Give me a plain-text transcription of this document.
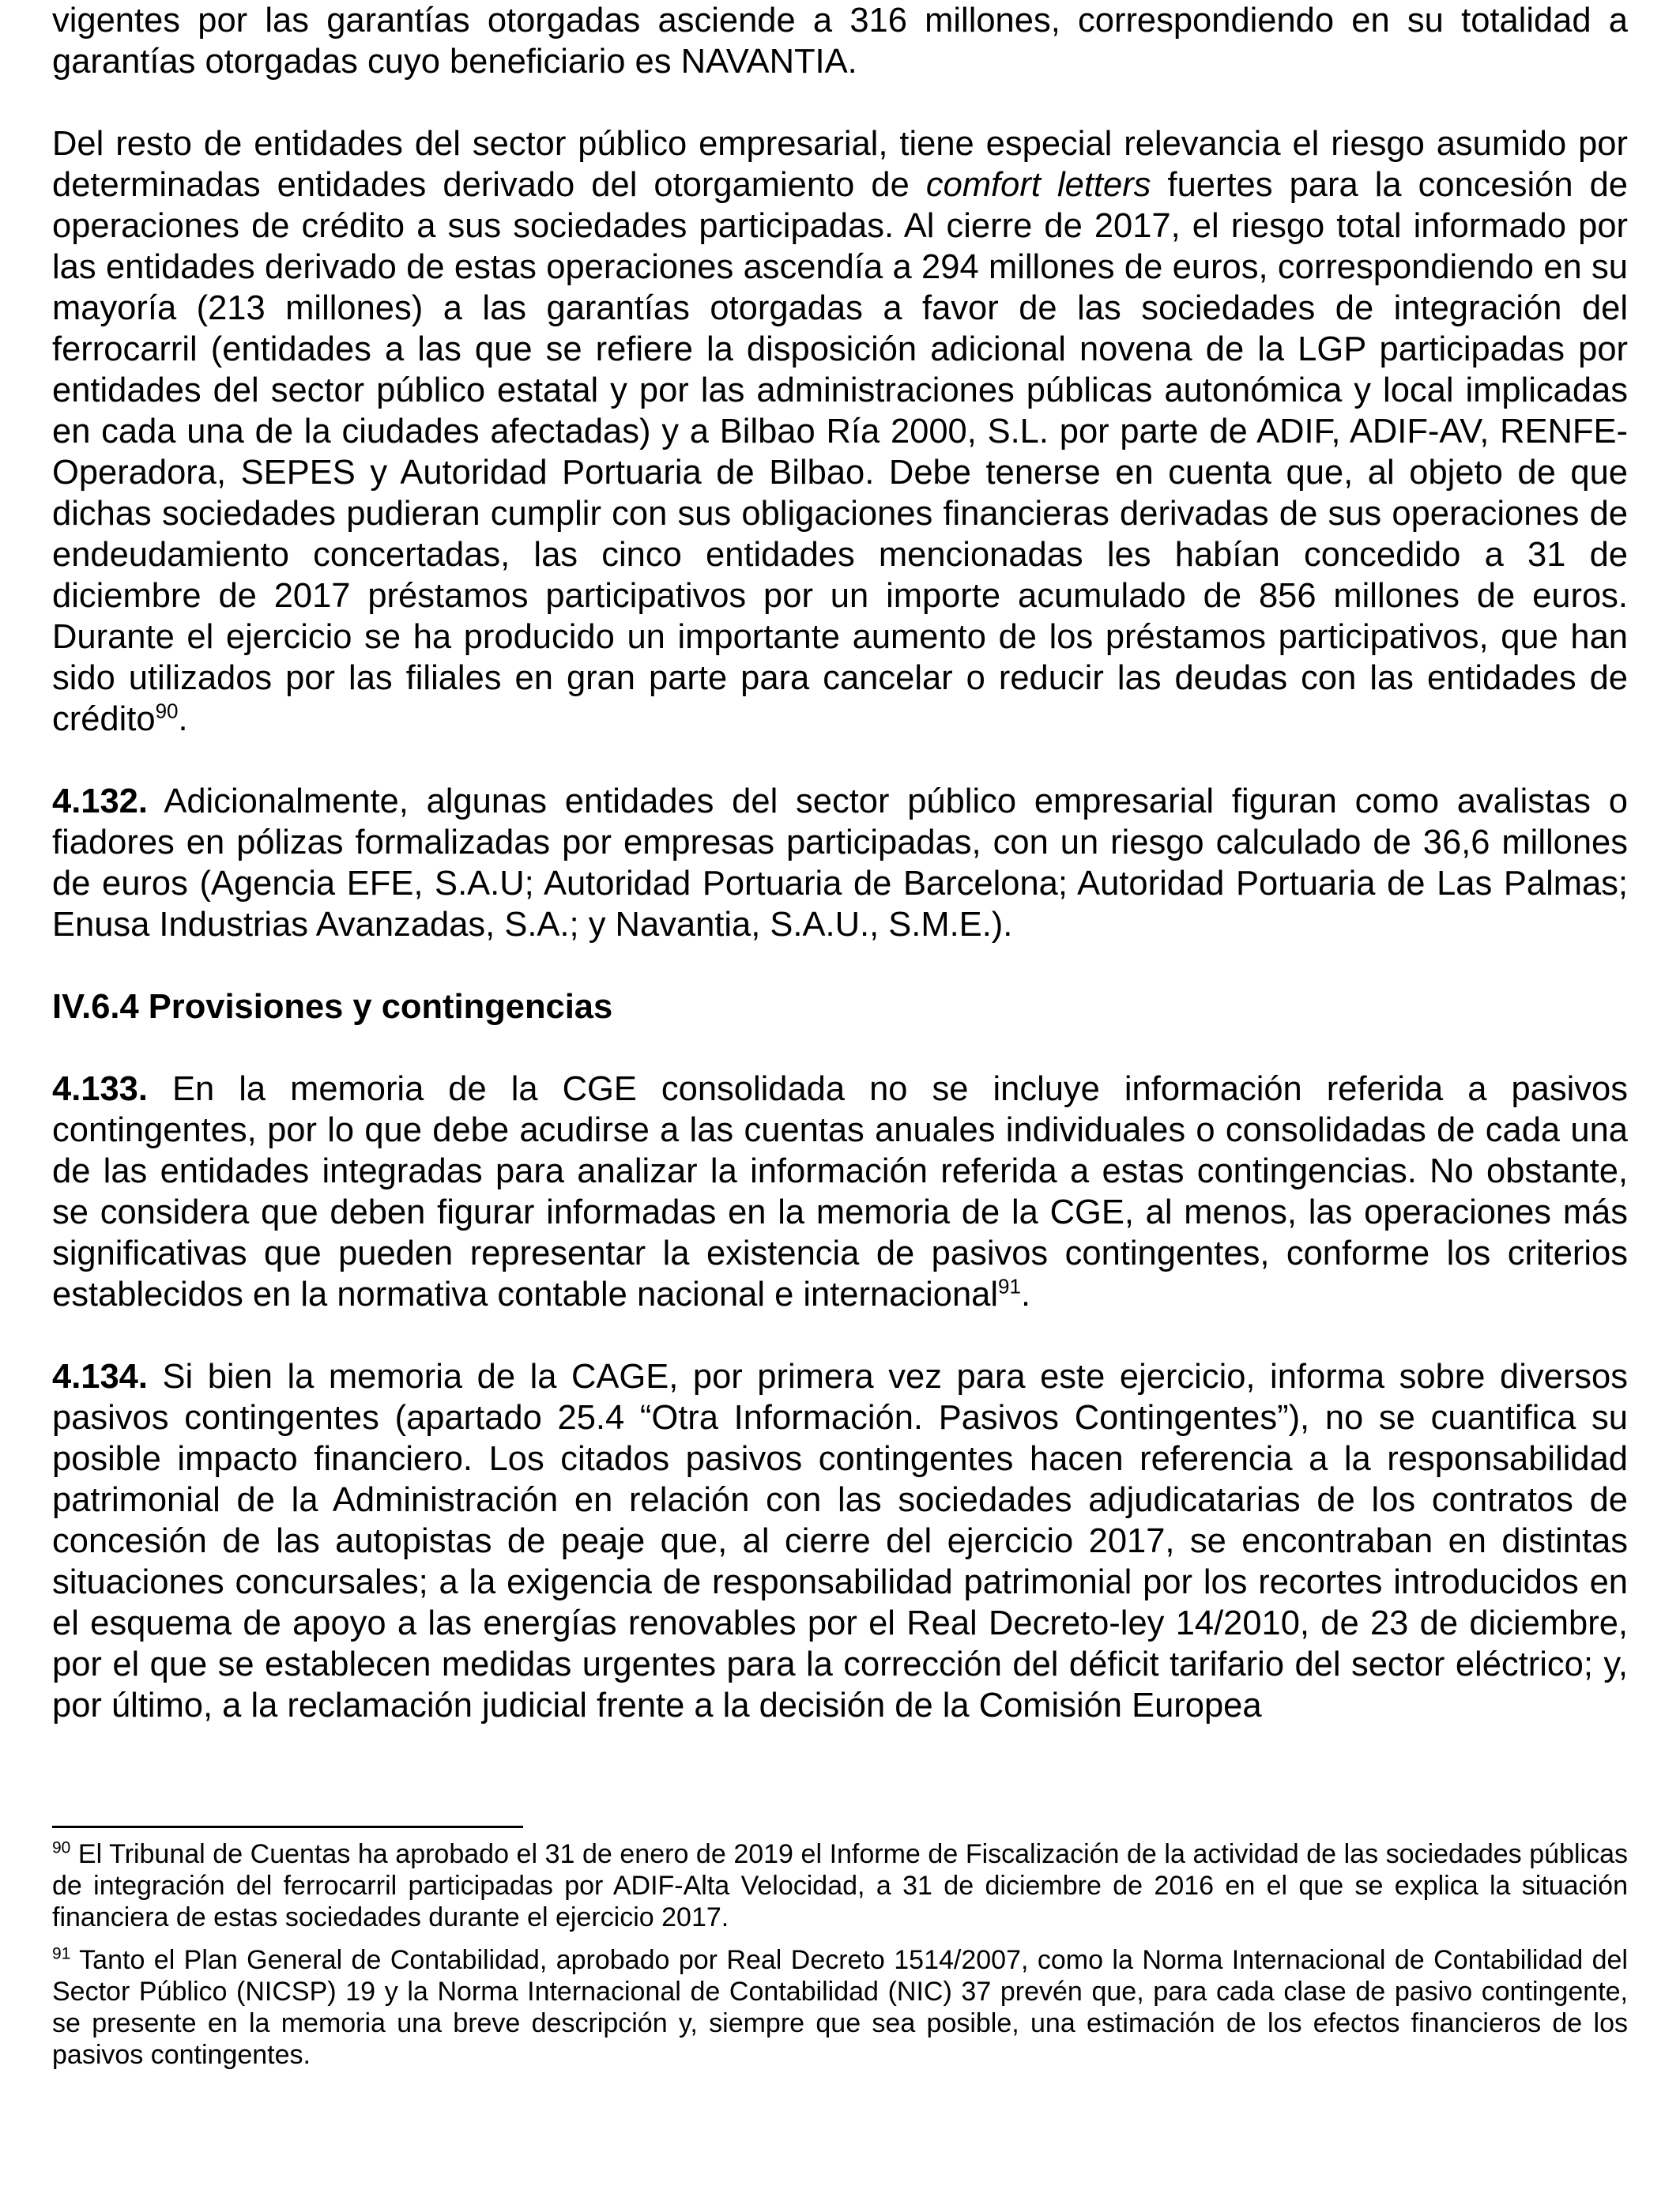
vigentes por las garantías otorgadas asciende a 316 millones, correspondiendo en su totalidad a garantías otorgadas cuyo beneficiario es NAVANTIA.

Del resto de entidades del sector público empresarial, tiene especial relevancia el riesgo asumido por determinadas entidades derivado del otorgamiento de comfort letters fuertes para la concesión de operaciones de crédito a sus sociedades participadas. Al cierre de 2017, el riesgo total informado por las entidades derivado de estas operaciones ascendía a 294 millones de euros, correspondiendo en su mayoría (213 millones) a las garantías otorgadas a favor de las sociedades de integración del ferrocarril (entidades a las que se refiere la disposición adicional novena de la LGP participadas por entidades del sector público estatal y por las administraciones públicas autonómica y local implicadas en cada una de la ciudades afectadas) y a Bilbao Ría 2000, S.L. por parte de ADIF, ADIF-AV, RENFE-Operadora, SEPES y Autoridad Portuaria de Bilbao. Debe tenerse en cuenta que, al objeto de que dichas sociedades pudieran cumplir con sus obligaciones financieras derivadas de sus operaciones de endeudamiento concertadas, las cinco entidades mencionadas les habían concedido a 31 de diciembre de 2017 préstamos participativos por un importe acumulado de 856 millones de euros. Durante el ejercicio se ha producido un importante aumento de los préstamos participativos, que han sido utilizados por las filiales en gran parte para cancelar o reducir las deudas con las entidades de crédito$^{90}$.

4.132. Adicionalmente, algunas entidades del sector público empresarial figuran como avalistas o fiadores en pólizas formalizadas por empresas participadas, con un riesgo calculado de 36,6 millones de euros (Agencia EFE, S.A.U; Autoridad Portuaria de Barcelona; Autoridad Portuaria de Las Palmas; Enusa Industrias Avanzadas, S.A.; y Navantia, S.A.U., S.M.E.).

IV.6.4 Provisiones y contingencias

4.133. En la memoria de la CGE consolidada no se incluye información referida a pasivos contingentes, por lo que debe acudirse a las cuentas anuales individuales o consolidadas de cada una de las entidades integradas para analizar la información referida a estas contingencias. No obstante, se considera que deben figurar informadas en la memoria de la CGE, al menos, las operaciones más significativas que pueden representar la existencia de pasivos contingentes, conforme los criterios establecidos en la normativa contable nacional e internacional$^{91}$.

4.134. Si bien la memoria de la CAGE, por primera vez para este ejercicio, informa sobre diversos pasivos contingentes (apartado 25.4 “Otra Información. Pasivos Contingentes”), no se cuantifica su posible impacto financiero. Los citados pasivos contingentes hacen referencia a la responsabilidad patrimonial de la Administración en relación con las sociedades adjudicatarias de los contratos de concesión de las autopistas de peaje que, al cierre del ejercicio 2017, se encontraban en distintas situaciones concursales; a la exigencia de responsabilidad patrimonial por los recortes introducidos en el esquema de apoyo a las energías renovables por el Real Decreto-ley 14/2010, de 23 de diciembre, por el que se establecen medidas urgentes para la corrección del déficit tarifario del sector eléctrico; y, por último, a la reclamación judicial frente a la decisión de la Comisión Europea

$^{90}$ El Tribunal de Cuentas ha aprobado el 31 de enero de 2019 el Informe de Fiscalización de la actividad de las sociedades públicas de integración del ferrocarril participadas por ADIF-Alta Velocidad, a 31 de diciembre de 2016 en el que se explica la situación financiera de estas sociedades durante el ejercicio 2017.

$^{91}$ Tanto el Plan General de Contabilidad, aprobado por Real Decreto 1514/2007, como la Norma Internacional de Contabilidad del Sector Público (NICSP) 19 y la Norma Internacional de Contabilidad (NIC) 37 prevén que, para cada clase de pasivo contingente, se presente en la memoria una breve descripción y, siempre que sea posible, una estimación de los efectos financieros de los pasivos contingentes.
